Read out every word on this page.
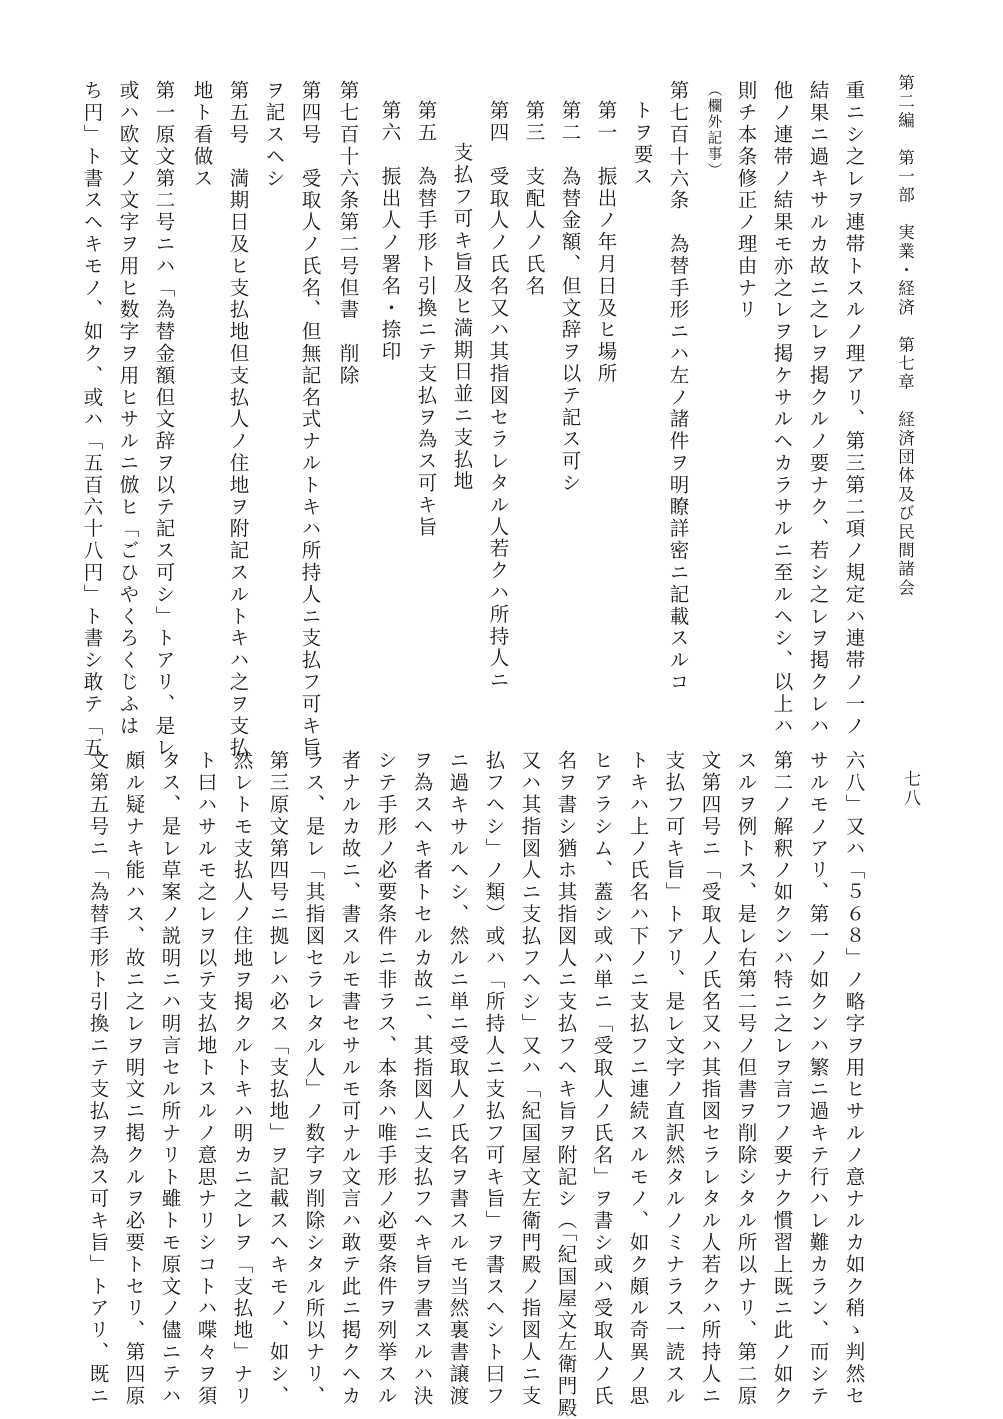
第二編　第一部　実業・経済　第七章　経済団体及び民間諸会
七八
重ニシ之レヲ連帯トスルノ理アリ、第三第二項ノ規定ハ連帯ノ一ノ
結果ニ過キサルカ故ニ之レヲ掲クルノ要ナク、若シ之レヲ掲クレハ
他ノ連帯ノ結果モ亦之レヲ掲ケサルヘカラサルニ至ルヘシ、以上ハ
則チ本条修正ノ理由ナリ
（欄外記事）
第七百十六条　為替手形ニハ左ノ諸件ヲ明瞭詳密ニ記載スルコ
トヲ要ス
第一　振出ノ年月日及ヒ場所
第二　為替金額、但文辞ヲ以テ記ス可シ
第三　支配人ノ氏名
第四　受取人ノ氏名又ハ其指図セラレタル人若クハ所持人ニ
支払フ可キ旨及ヒ満期日並ニ支払地
第五　為替手形ト引換ニテ支払ヲ為ス可キ旨
第六　振出人ノ署名・捺印
第七百十六条第二号但書　削除
第四号　受取人ノ氏名、但無記名式ナルトキハ所持人ニ支払フ可キ旨
ヲ記スヘシ
第五号　満期日及ヒ支払地但支払人ノ住地ヲ附記スルトキハ之ヲ支払
地ト看做ス
第一原文第二号ニハ「為替金額但文辞ヲ以テ記ス可シ」トアリ、是レ
或ハ欧文ノ文字ヲ用ヒ数字ヲ用ヒサルニ倣ヒ「ごひやくろくじふは
ち円」ト書スヘキモノ、如ク、或ハ「五百六十八円」ト書シ敢テ「五
六八」又ハ「５６８」ノ略字ヲ用ヒサルノ意ナルカ如ク稍ゝ判然セ
サルモノアリ、第一ノ如クンハ繁ニ過キテ行ハレ難カラン、而シテ
第二ノ解釈ノ如クンハ特ニ之レヲ言フノ要ナク慣習上既ニ此ノ如ク
スルヲ例トス、是レ右第二号ノ但書ヲ削除シタル所以ナリ、第二原
文第四号ニ「受取人ノ氏名又ハ其指図セラレタル人若クハ所持人ニ
支払フ可キ旨」トアリ、是レ文字ノ直訳然タルノミナラス一読スル
トキハ上ノ氏名ハ下ノニ支払フニ連続スルモノ、如ク頗ル奇異ノ思
ヒアラシム、蓋シ或ハ単ニ「受取人ノ氏名」ヲ書シ或ハ受取人ノ氏
名ヲ書シ猶ホ其指図人ニ支払フヘキ旨ヲ附記シ（「紀国屋文左衛門殿
又ハ其指図人ニ支払フヘシ」又ハ「紀国屋文左衛門殿ノ指図人ニ支
払フヘシ」ノ類）或ハ「所持人ニ支払フ可キ旨」ヲ書スヘシト曰フ
ニ過キサルヘシ、然ルニ単ニ受取人ノ氏名ヲ書スルモ当然裏書譲渡
ヲ為スヘキ者トセルカ故ニ、其指図人ニ支払フヘキ旨ヲ書スルハ決
シテ手形ノ必要条件ニ非ラス、本条ハ唯手形ノ必要条件ヲ列挙スル
者ナルカ故ニ、書スルモ書セサルモ可ナル文言ハ敢テ此ニ掲クヘカ
ラス、是レ「其指図セラレタル人」ノ数字ヲ削除シタル所以ナリ、
第三原文第四号ニ拠レハ必ス「支払地」ヲ記載スヘキモノ、如シ、
然レトモ支払人ノ住地ヲ掲クルトキハ明カニ之レヲ「支払地」ナリ
ト曰ハサルモ之レヲ以テ支払地トスルノ意思ナリシコトハ喋々ヲ須
タス、是レ草案ノ説明ニハ明言セル所ナリト雖トモ原文ノ儘ニテハ
頗ル疑ナキ能ハス、故ニ之レヲ明文ニ掲クルヲ必要トセリ、第四原
文第五号ニ「為替手形ト引換ニテ支払ヲ為ス可キ旨」トアリ、既ニ
